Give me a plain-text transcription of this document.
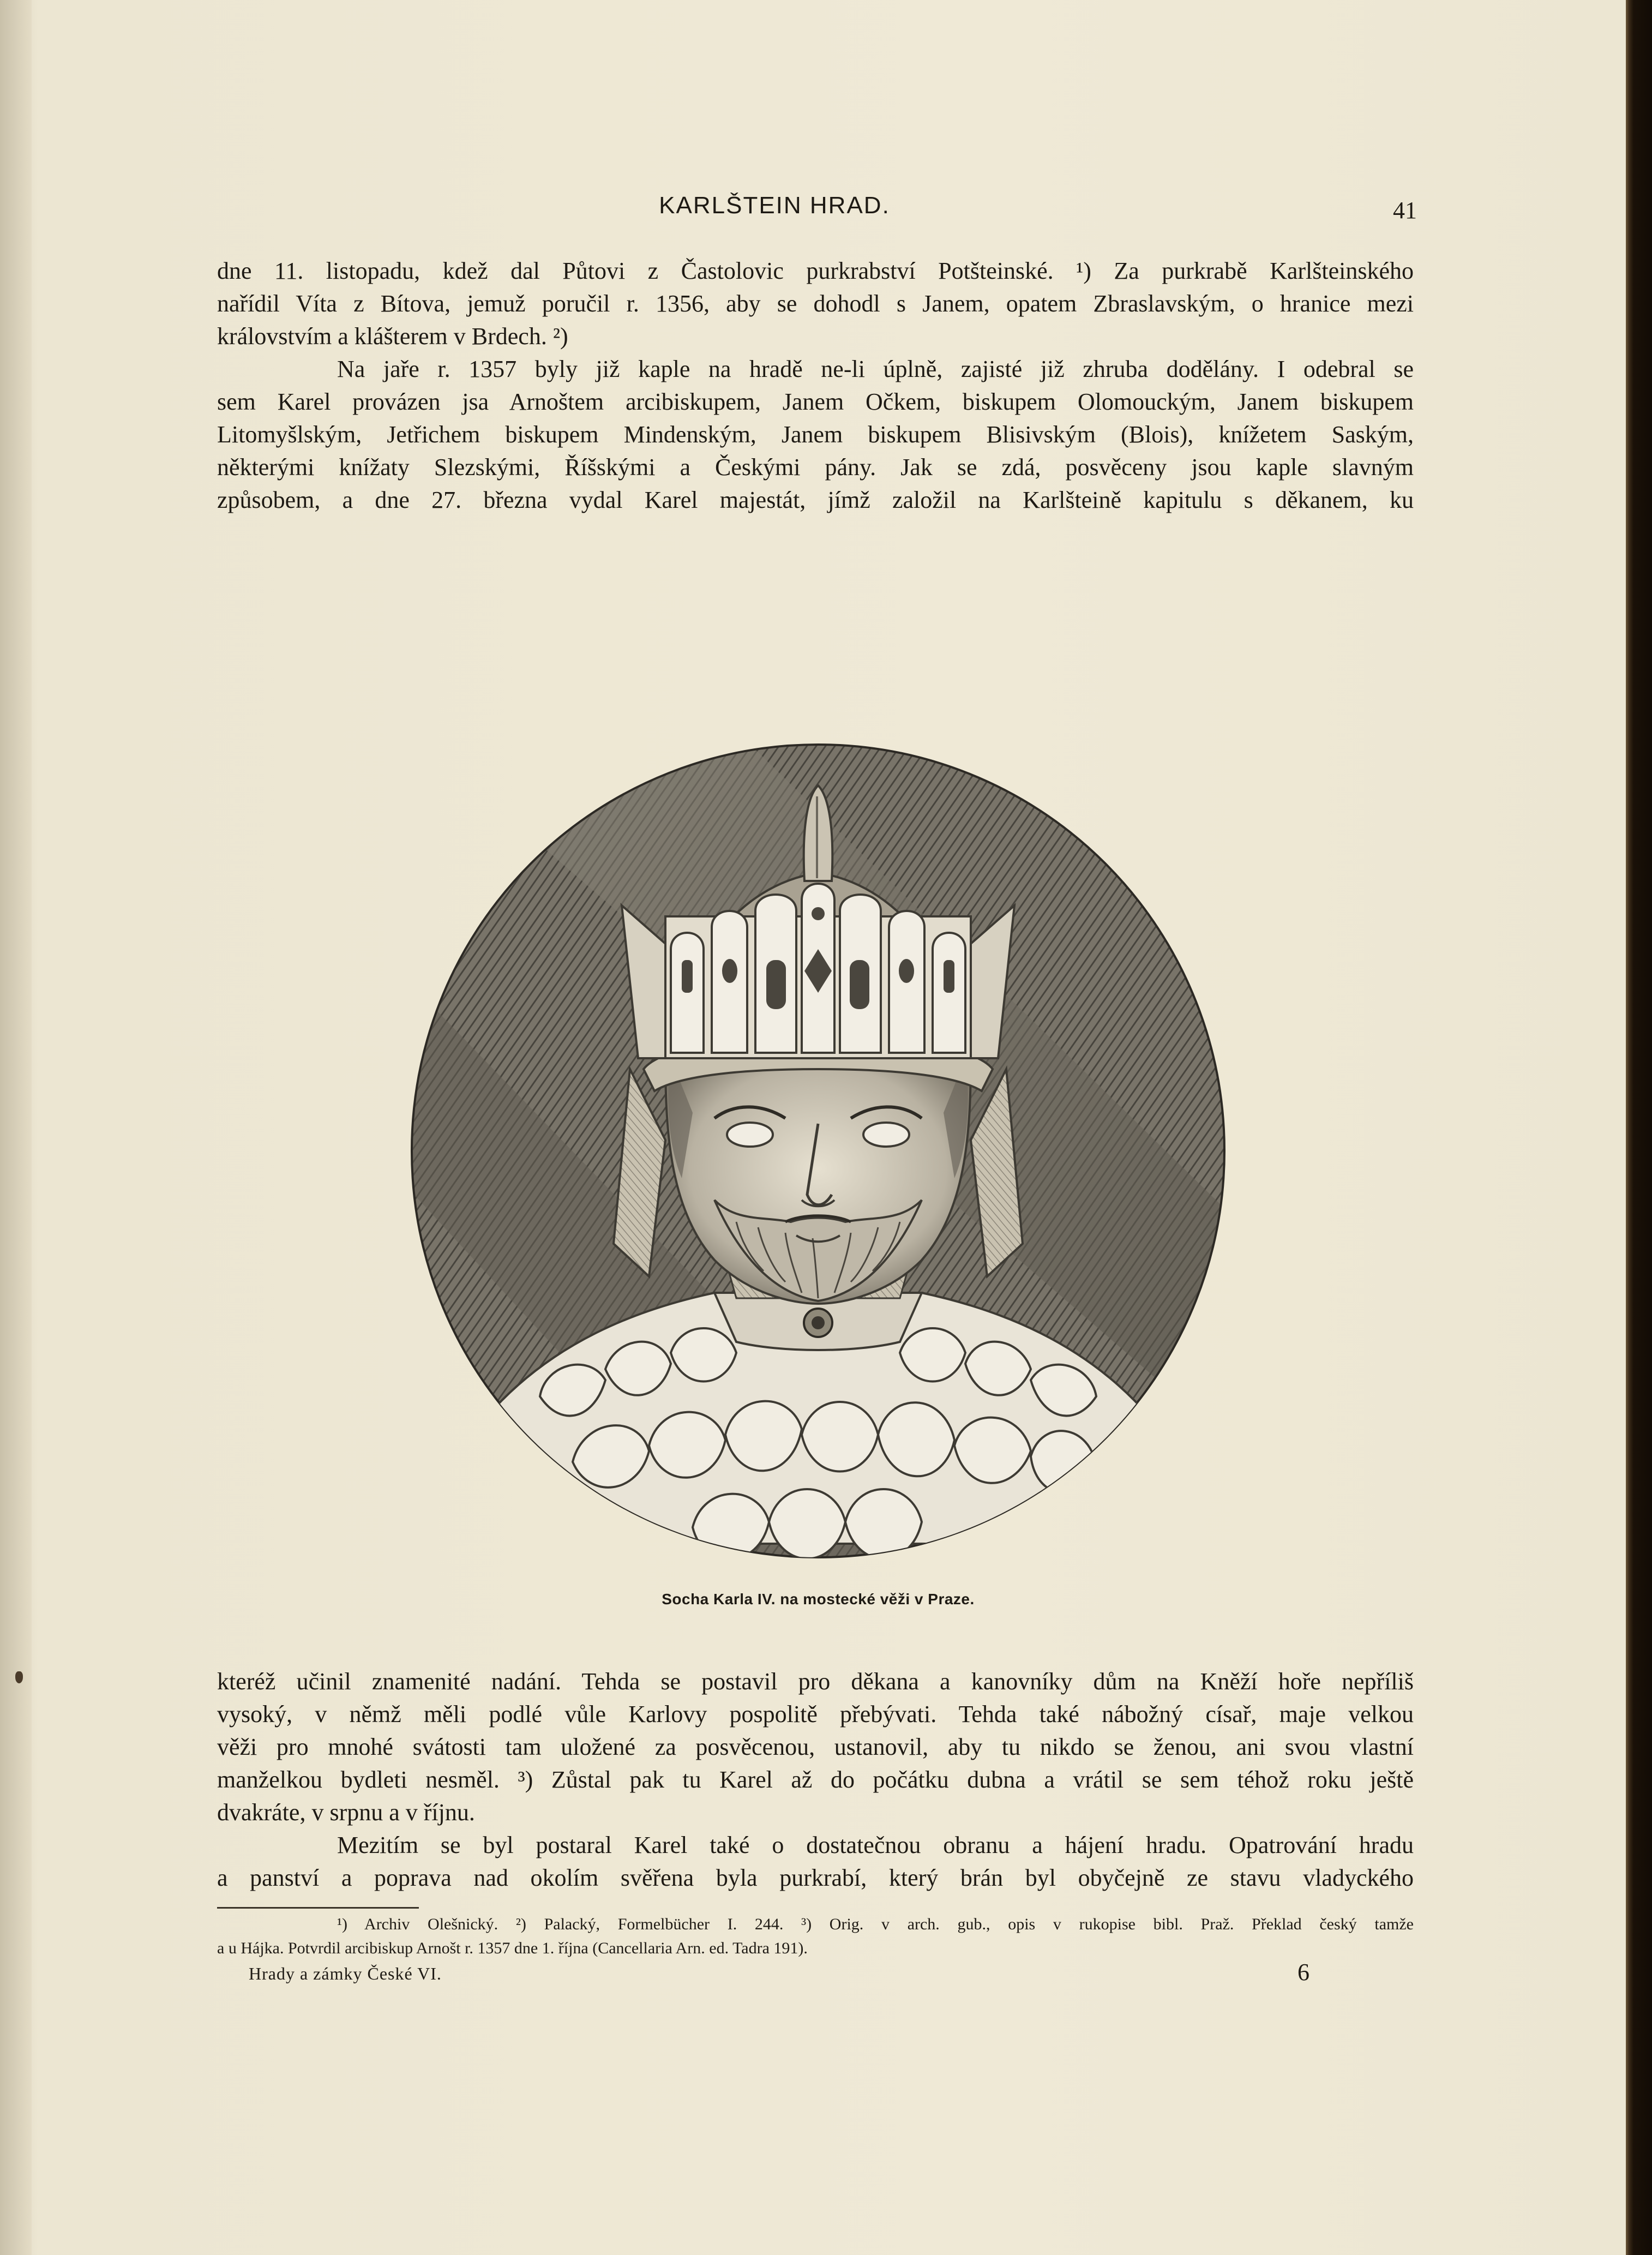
KARLŠTEIN HRAD.	41

dne 11. listopadu, kdež dal Půtovi z Častolovic purkrabství Potšteinské. ¹) Za purkrabě Karlšteinského

nařídil Víta z Bítova, jemuž poručil r. 1356, aby se dohodl s Janem, opatem Zbraslavským, o hranice mezi

královstvím a klášterem v Brdech. ²)

Na jaře r. 1357 byly již kaple na hradě ne-li úplně, zajisté již zhruba dodělány. I odebral se

sem Karel provázen jsa Arnoštem arcibiskupem, Janem Očkem, biskupem Olomouckým, Janem biskupem

Litomyšlským, Jetřichem biskupem Mindenským, Janem biskupem Blisivským (Blois), knížetem Saským,

některými knížaty Slezskými, Říšskými a Českými pány. Jak se zdá, posvěceny jsou kaple slavným

způsobem, a dne 27. března vydal Karel majestát, jímž založil na Karlšteině kapitulu s děkanem, ku

Socha Karla IV. na mostecké věži v Praze.

kteréž učinil znamenité nadání. Tehda se postavil pro děkana a kanovníky dům na Kněží hoře nepříliš

vysoký, v němž měli podlé vůle Karlovy pospolitě přebývati. Tehda také nábožný císař, maje velkou

věži pro mnohé svátosti tam uložené za posvěcenou, ustanovil, aby tu nikdo se ženou, ani svou vlastní

manželkou bydleti nesměl. ³) Zůstal pak tu Karel až do počátku dubna a vrátil se sem téhož roku ještě

dvakráte, v srpnu a v říjnu.

Mezitím se byl postaral Karel také o dostatečnou obranu a hájení hradu. Opatrování hradu

a panství a poprava nad okolím svěřena byla purkrabí, který brán byl obyčejně ze stavu vladyckého

¹) Archiv Olešnický. ²) Palacký, Formelbücher I. 244. ³) Orig. v arch. gub., opis v rukopise bibl. Praž. Překlad český tamže

a u Hájka. Potvrdil arcibiskup Arnošt r. 1357 dne 1. října (Cancellaria Arn. ed. Tadra 191).

Hrady a zámky České VI.	6
